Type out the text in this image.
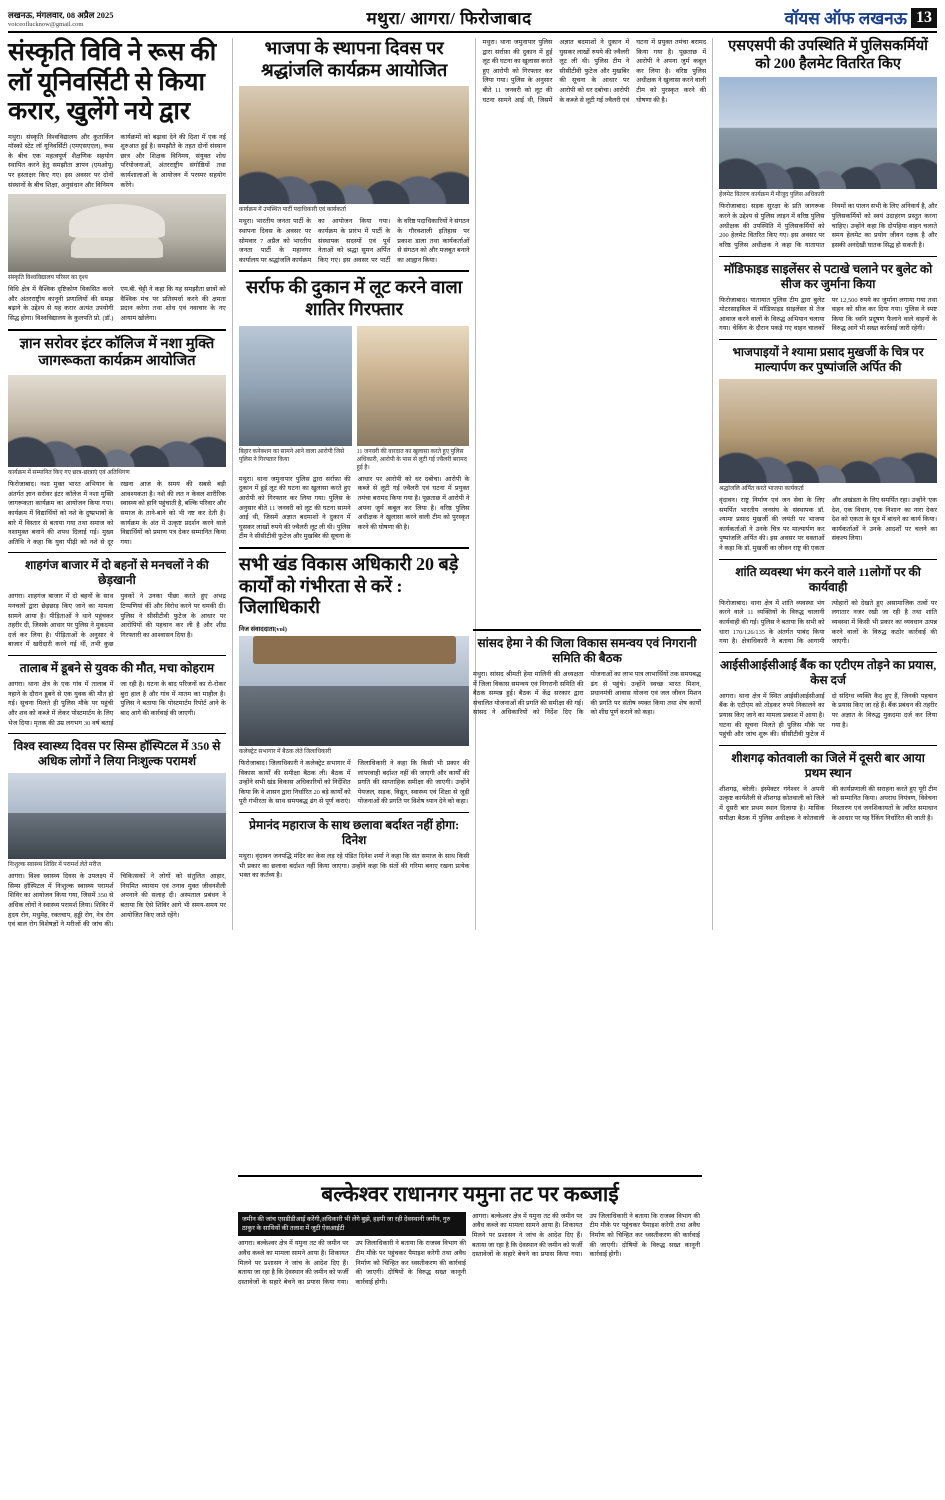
लखनऊ, मंगलवार, 08 अप्रैल 2025
voiceoflucknow@gmail.com	मथुरा/ आगरा/ फिरोजाबाद	वॉयस ऑफ लखनऊ 13
संस्कृति विवि ने रूस की लॉ यूनिवर्सिटी से किया करार, खुलेंगे नये द्वार
मथुरा। संस्कृति विश्वविद्यालय और कुतार्किन मॉस्को स्टेट लॉ यूनिवर्सिटी (एमएसएएल), रूस के बीच एक महत्वपूर्ण शैक्षणिक सहयोग स्थापित करने हेतु समझौता ज्ञापन (एमओयू) पर हस्ताक्षर किए गए। इस अवसर पर दोनों संस्थानों के बीच शिक्षा, अनुसंधान और विनिमय कार्यक्रमों को बढ़ावा देने की दिशा में एक नई शुरुआत हुई है। समझौते के तहत दोनों संस्थान छात्र और शिक्षक विनिमय, संयुक्त शोध परियोजनाओं, अंतरराष्ट्रीय संगोष्ठियों तथा कार्यशालाओं के आयोजन में परस्पर सहयोग करेंगे।
संस्कृति विश्वविद्यालय परिसर का दृश्य
विधि क्षेत्र में वैश्विक दृष्टिकोण विकसित करने और अंतरराष्ट्रीय कानूनी प्रणालियों की समझ बढ़ाने के उद्देश्य से यह करार अत्यंत उपयोगी सिद्ध होगा। विश्वविद्यालय के कुलपति प्रो. (डॉ.) एम.बी. चेट्टी ने कहा कि यह समझौता छात्रों को वैश्विक मंच पर प्रतिस्पर्धा करने की क्षमता प्रदान करेगा तथा शोध एवं नवाचार के नए आयाम खोलेगा।
ज्ञान सरोवर इंटर कॉलिज में नशा मुक्ति जागरूकता कार्यक्रम आयोजित
कार्यक्रम में सम्मानित किए गए छात्र-छात्राएं एवं अतिथिगण
फिरोजाबाद। नशा मुक्त भारत अभियान के अंतर्गत ज्ञान सरोवर इंटर कॉलेज में नशा मुक्ति जागरूकता कार्यक्रम का आयोजन किया गया। कार्यक्रम में विद्यार्थियों को नशे के दुष्प्रभावों के बारे में विस्तार से बताया गया तथा समाज को नशामुक्त बनाने की शपथ दिलाई गई। मुख्य अतिथि ने कहा कि युवा पीढ़ी को नशे से दूर रखना आज के समय की सबसे बड़ी आवश्यकता है। नशे की लत न केवल शारीरिक स्वास्थ्य को हानि पहुंचाती है, बल्कि परिवार और समाज के ताने-बाने को भी नष्ट कर देती है। कार्यक्रम के अंत में उत्कृष्ट प्रदर्शन करने वाले विद्यार्थियों को प्रमाण पत्र देकर सम्मानित किया गया।
शाहगंज बाजार में दो बहनों से मनचलों ने की छेड़खानी
आगरा। शाहगंज बाजार में दो बहनों के साथ मनचलों द्वारा छेड़छाड़ किए जाने का मामला सामने आया है। पीड़िताओं ने थाने पहुंचकर तहरीर दी, जिसके आधार पर पुलिस ने मुकदमा दर्ज कर लिया है। पीड़िताओं के अनुसार वे बाजार में खरीदारी करने गई थीं, तभी कुछ युवकों ने उनका पीछा करते हुए अभद्र टिप्पणियां कीं और विरोध करने पर धमकी दी। पुलिस ने सीसीटीवी फुटेज के आधार पर आरोपियों की पहचान कर ली है और शीघ्र गिरफ्तारी का आश्वासन दिया है।
तालाब में डूबने से युवक की मौत, मचा कोहराम
आगरा। थाना क्षेत्र के एक गांव में तालाब में नहाने के दौरान डूबने से एक युवक की मौत हो गई। सूचना मिलते ही पुलिस मौके पर पहुंची और शव को कब्जे में लेकर पोस्टमार्टम के लिए भेज दिया। मृतक की उम्र लगभग 30 वर्ष बताई जा रही है। घटना के बाद परिजनों का रो-रोकर बुरा हाल है और गांव में मातम का माहौल है। पुलिस ने बताया कि पोस्टमार्टम रिपोर्ट आने के बाद आगे की कार्रवाई की जाएगी।
विश्व स्वास्थ्य दिवस पर सिम्स हॉस्पिटल में 350 से अधिक लोगों ने लिया निःशुल्क परामर्श
निःशुल्क स्वास्थ्य शिविर में परामर्श लेते मरीज
आगरा। विश्व स्वास्थ्य दिवस के उपलक्ष्य में सिम्स हॉस्पिटल में निःशुल्क स्वास्थ्य परामर्श शिविर का आयोजन किया गया, जिसमें 350 से अधिक लोगों ने स्वास्थ्य परामर्श लिया। शिविर में हृदय रोग, मधुमेह, रक्तचाप, हड्डी रोग, नेत्र रोग एवं बाल रोग विशेषज्ञों ने मरीजों की जांच की। चिकित्सकों ने लोगों को संतुलित आहार, नियमित व्यायाम एवं तनाव मुक्त जीवनशैली अपनाने की सलाह दी। अस्पताल प्रबंधन ने बताया कि ऐसे शिविर आगे भी समय-समय पर आयोजित किए जाते रहेंगे।
भाजपा के स्थापना दिवस पर श्रद्धांजलि कार्यक्रम आयोजित
कार्यक्रम में उपस्थित पार्टी पदाधिकारी एवं कार्यकर्ता
मथुरा। भारतीय जनता पार्टी के स्थापना दिवस के अवसर पर सोमवार 7 अप्रैल को भारतीय जनता पार्टी के महानगर कार्यालय पर श्रद्धांजलि कार्यक्रम का आयोजन किया गया। कार्यक्रम के प्रारंभ में पार्टी के संस्थापक सदस्यों एवं पूर्व नेताओं को श्रद्धा सुमन अर्पित किए गए। इस अवसर पर पार्टी के वरिष्ठ पदाधिकारियों ने संगठन के गौरवशाली इतिहास पर प्रकाश डाला तथा कार्यकर्ताओं से संगठन को और मजबूत बनाने का आह्वान किया।
सर्राफ की दुकान में लूट करने वाला शातिर गिरफ्तार
बिहार कनेक्शन का सामने आने वाला आरोपी जिसे पुलिस ने गिरफ्तार किया
11 जनवरी की वारदात का खुलासा करते हुए पुलिस अधिकारी, आरोपी के पास से लूटी गई ज्वैलरी बरामद हुई है।
मथुरा। थाना जमुनापार पुलिस द्वारा सर्राफ़ा की दुकान में हुई लूट की घटना का खुलासा करते हुए आरोपी को गिरफ्तार कर लिया गया। पुलिस के अनुसार बीते 11 जनवरी को लूट की घटना सामने आई थी, जिसमें अज्ञात बदमाशों ने दुकान में घुसकर लाखों रुपये की ज्वैलरी लूट ली थी। पुलिस टीम ने सीसीटीवी फुटेज और मुखबिर की सूचना के आधार पर आरोपी को धर दबोचा। आरोपी के कब्जे से लूटी गई ज्वैलरी एवं घटना में प्रयुक्त तमंचा बरामद किया गया है। पूछताछ में आरोपी ने अपना जुर्म कबूल कर लिया है। वरिष्ठ पुलिस अधीक्षक ने खुलासा करने वाली टीम को पुरस्कृत करने की घोषणा की है।
सभी खंड विकास अधिकारी 20 बड़े कार्यों को गंभीरता से करें : जिलाधिकारी
निज संवाददाता(vol)
कलेक्ट्रेट सभागार में बैठक लेते जिलाधिकारी
फिरोजाबाद। जिलाधिकारी ने कलेक्ट्रेट सभागार में विकास कार्यों की समीक्षा बैठक ली। बैठक में उन्होंने सभी खंड विकास अधिकारियों को निर्देशित किया कि वे शासन द्वारा निर्धारित 20 बड़े कार्यों को पूरी गंभीरता के साथ समयबद्ध ढंग से पूर्ण कराएं। जिलाधिकारी ने कहा कि किसी भी प्रकार की लापरवाही बर्दाश्त नहीं की जाएगी और कार्यों की प्रगति की साप्ताहिक समीक्षा की जाएगी। उन्होंने पेयजल, सड़क, विद्युत, स्वास्थ्य एवं शिक्षा से जुड़ी योजनाओं की प्रगति पर विशेष ध्यान देने को कहा।
प्रेमानंद महाराज के साथ छलावा बर्दाश्त नहीं होगा: दिनेश
मथुरा। वृंदावन जनपद्धि मंदिर का केस लड़ रहे पंडित दिनेश शर्मा ने कहा कि संत समाज के साथ किसी भी प्रकार का छलावा बर्दाश्त नहीं किया जाएगा। उन्होंने कहा कि संतों की गरिमा बनाए रखना प्रत्येक भक्त का कर्तव्य है।
मथुरा। थाना जमुनापार पुलिस द्वारा सर्राफ़ा की दुकान में हुई लूट की घटना का खुलासा करते हुए आरोपी को गिरफ्तार कर लिया गया। पुलिस के अनुसार बीते 11 जनवरी को लूट की घटना सामने आई थी, जिसमें अज्ञात बदमाशों ने दुकान में घुसकर लाखों रुपये की ज्वैलरी लूट ली थी। पुलिस टीम ने सीसीटीवी फुटेज और मुखबिर की सूचना के आधार पर आरोपी को धर दबोचा। आरोपी के कब्जे से लूटी गई ज्वैलरी एवं घटना में प्रयुक्त तमंचा बरामद किया गया है। पूछताछ में आरोपी ने अपना जुर्म कबूल कर लिया है। वरिष्ठ पुलिस अधीक्षक ने खुलासा करने वाली टीम को पुरस्कृत करने की घोषणा की है।
एसएसपी की उपस्थिति में पुलिसकर्मियों को 200 हैलमेट वितरित किए
हेलमेट वितरण कार्यक्रम में मौजूद पुलिस अधिकारी
फिरोजाबाद। सड़क सुरक्षा के प्रति जागरूक करने के उद्देश्य से पुलिस लाइन में वरिष्ठ पुलिस अधीक्षक की उपस्थिति में पुलिसकर्मियों को 200 हेलमेट वितरित किए गए। इस अवसर पर वरिष्ठ पुलिस अधीक्षक ने कहा कि यातायात नियमों का पालन सभी के लिए अनिवार्य है, और पुलिसकर्मियों को स्वयं उदाहरण प्रस्तुत करना चाहिए। उन्होंने कहा कि दोपहिया वाहन चलाते समय हेलमेट का प्रयोग जीवन रक्षक है और इसकी अनदेखी घातक सिद्ध हो सकती है।
मॉडिफाइड साइलेंसर से पटाखे चलाने पर बुलेट को सीज कर जुर्माना किया
फिरोजाबाद। यातायात पुलिस टीम द्वारा बुलेट मोटरसाइकिल में मॉडिफाइड साइलेंसर से तेज आवाज करने वालों के विरुद्ध अभियान चलाया गया। चेकिंग के दौरान पकड़े गए वाहन चालकों पर 12,500 रुपये का जुर्माना लगाया गया तथा वाहन को सीज कर दिया गया। पुलिस ने स्पष्ट किया कि ध्वनि प्रदूषण फैलाने वाले वाहनों के विरुद्ध आगे भी सख्त कार्रवाई जारी रहेगी।
भाजपाइयों ने श्यामा प्रसाद मुखर्जी के चित्र पर माल्यार्पण कर पुष्पांजलि अर्पित की
श्रद्धांजलि अर्पित करते भाजपा कार्यकर्ता
वृंदावन। राष्ट्र निर्माण एवं जन सेवा के लिए समर्पित भारतीय जनसंघ के संस्थापक डॉ. श्यामा प्रसाद मुखर्जी की जयंती पर भाजपा कार्यकर्ताओं ने उनके चित्र पर माल्यार्पण कर पुष्पांजलि अर्पित की। इस अवसर पर वक्ताओं ने कहा कि डॉ. मुखर्जी का जीवन राष्ट्र की एकता और अखंडता के लिए समर्पित रहा। उन्होंने 'एक देश, एक विधान, एक निशान' का नारा देकर देश को एकता के सूत्र में बांधने का कार्य किया। कार्यकर्ताओं ने उनके आदर्शों पर चलने का संकल्प लिया।
शांति व्यवस्था भंग करने वाले 11लोगों पर की कार्यवाही
फिरोजाबाद। थाना क्षेत्र में शांति व्यवस्था भंग करने वाले 11 व्यक्तियों के विरुद्ध चालानी कार्यवाही की गई। पुलिस ने बताया कि सभी को धारा 170/126/135 के अंतर्गत पाबंद किया गया है। क्षेत्राधिकारी ने बताया कि आगामी त्योहारों को देखते हुए असामाजिक तत्वों पर लगातार नजर रखी जा रही है तथा शांति व्यवस्था में किसी भी प्रकार का व्यवधान उत्पन्न करने वालों के विरुद्ध कठोर कार्रवाई की जाएगी।
आईसीआईसीआई बैंक का एटीएम तोड़ने का प्रयास, केस दर्ज
आगरा। थाना क्षेत्र में स्थित आईसीआईसीआई बैंक के एटीएम को तोड़कर रुपये निकालने का प्रयास किए जाने का मामला प्रकाश में आया है। घटना की सूचना मिलते ही पुलिस मौके पर पहुंची और जांच शुरू की। सीसीटीवी फुटेज में दो संदिग्ध व्यक्ति कैद हुए हैं, जिनकी पहचान के प्रयास किए जा रहे हैं। बैंक प्रबंधन की तहरीर पर अज्ञात के विरुद्ध मुकदमा दर्ज कर लिया गया है।
शीशगढ़ कोतवाली का जिले में दूसरी बार आया प्रथम स्थान
शीशगढ़, बरेली। इंस्पेक्टर गंगेश्वर ने अपनी उत्कृष्ट कार्यशैली से शीशगढ़ कोतवाली को जिले में दूसरी बार प्रथम स्थान दिलाया है। मासिक समीक्षा बैठक में पुलिस अधीक्षक ने कोतवाली की कार्यप्रणाली की सराहना करते हुए पूरी टीम को सम्मानित किया। अपराध नियंत्रण, विवेचना निस्तारण एवं जनशिकायतों के त्वरित समाधान के आधार पर यह रैंकिंग निर्धारित की जाती है।
बल्केश्वर राधानगर यमुना तट पर कब्जाई
जमीन की जांच एसडीडीआई करेंगी,अधिकारी भी लेंगे बुझे, हड़पी जा रही देवस्थानी जमीन, गुरु ठाकुर के साथियों की तलाश में जुटी ऐसआईटी
आगरा। बल्केश्वर क्षेत्र में यमुना तट की जमीन पर अवैध कब्जे का मामला सामने आया है। शिकायत मिलने पर प्रशासन ने जांच के आदेश दिए हैं। बताया जा रहा है कि देवस्थान की जमीन को फर्जी दस्तावेजों के सहारे बेचने का प्रयास किया गया। उप जिलाधिकारी ने बताया कि राजस्व विभाग की टीम मौके पर पहुंचकर पैमाइश करेगी तथा अवैध निर्माण को चिन्हित कर ध्वस्तीकरण की कार्रवाई की जाएगी। दोषियों के विरुद्ध सख्त कानूनी कार्रवाई होगी।
आगरा। बल्केश्वर क्षेत्र में यमुना तट की जमीन पर अवैध कब्जे का मामला सामने आया है। शिकायत मिलने पर प्रशासन ने जांच के आदेश दिए हैं। बताया जा रहा है कि देवस्थान की जमीन को फर्जी दस्तावेजों के सहारे बेचने का प्रयास किया गया। उप जिलाधिकारी ने बताया कि राजस्व विभाग की टीम मौके पर पहुंचकर पैमाइश करेगी तथा अवैध निर्माण को चिन्हित कर ध्वस्तीकरण की कार्रवाई की जाएगी। दोषियों के विरुद्ध सख्त कानूनी कार्रवाई होगी।
सांसद हेमा ने की जिला विकास समन्वय एवं निगरानी समिति की बैठक
मथुरा। सांसद श्रीमती हेमा मालिनी की अध्यक्षता में जिला विकास समन्वय एवं निगरानी समिति की बैठक सम्पन्न हुई। बैठक में केंद्र सरकार द्वारा संचालित योजनाओं की प्रगति की समीक्षा की गई। सांसद ने अधिकारियों को निर्देश दिए कि योजनाओं का लाभ पात्र लाभार्थियों तक समयबद्ध ढंग से पहुंचे। उन्होंने स्वच्छ भारत मिशन, प्रधानमंत्री आवास योजना एवं जल जीवन मिशन की प्रगति पर संतोष व्यक्त किया तथा शेष कार्यों को शीघ्र पूर्ण कराने को कहा।
